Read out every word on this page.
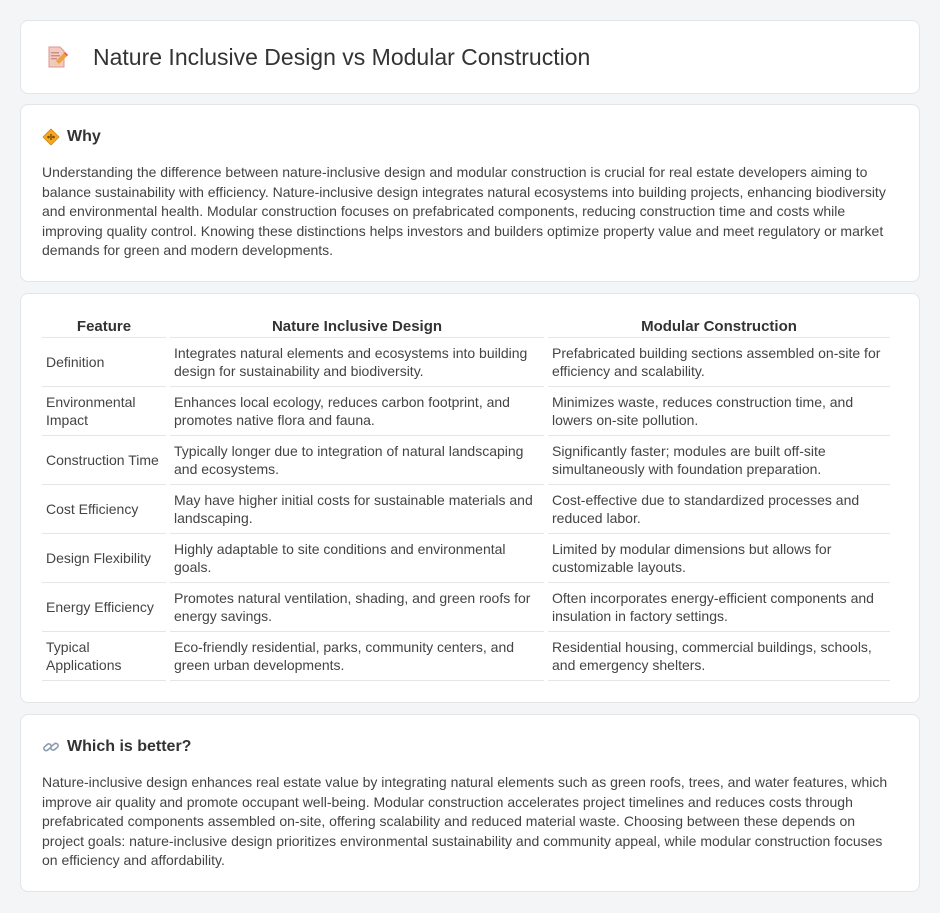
Nature Inclusive Design vs Modular Construction
Why

Understanding the difference between nature-inclusive design and modular construction is crucial for real estate developers aiming to balance sustainability with efficiency. Nature-inclusive design integrates natural ecosystems into building projects, enhancing biodiversity and environmental health. Modular construction focuses on prefabricated components, reducing construction time and costs while improving quality control. Knowing these distinctions helps investors and builders optimize property value and meet regulatory or market demands for green and modern developments.

Feature	Nature Inclusive Design	Modular Construction
Definition	Integrates natural elements and ecosystems into building design for sustainability and biodiversity.	Prefabricated building sections assembled on-site for efficiency and scalability.
Environmental Impact	Enhances local ecology, reduces carbon footprint, and promotes native flora and fauna.	Minimizes waste, reduces construction time, and lowers on-site pollution.
Construction Time	Typically longer due to integration of natural landscaping and ecosystems.	Significantly faster; modules are built off-site simultaneously with foundation preparation.
Cost Efficiency	May have higher initial costs for sustainable materials and landscaping.	Cost-effective due to standardized processes and reduced labor.
Design Flexibility	Highly adaptable to site conditions and environmental goals.	Limited by modular dimensions but allows for customizable layouts.
Energy Efficiency	Promotes natural ventilation, shading, and green roofs for energy savings.	Often incorporates energy-efficient components and insulation in factory settings.
Typical Applications	Eco-friendly residential, parks, community centers, and green urban developments.	Residential housing, commercial buildings, schools, and emergency shelters.
Which is better?

Nature-inclusive design enhances real estate value by integrating natural elements such as green roofs, trees, and water features, which improve air quality and promote occupant well-being. Modular construction accelerates project timelines and reduces costs through prefabricated components assembled on-site, offering scalability and reduced material waste. Choosing between these depends on project goals: nature-inclusive design prioritizes environmental sustainability and community appeal, while modular construction focuses on efficiency and affordability.
